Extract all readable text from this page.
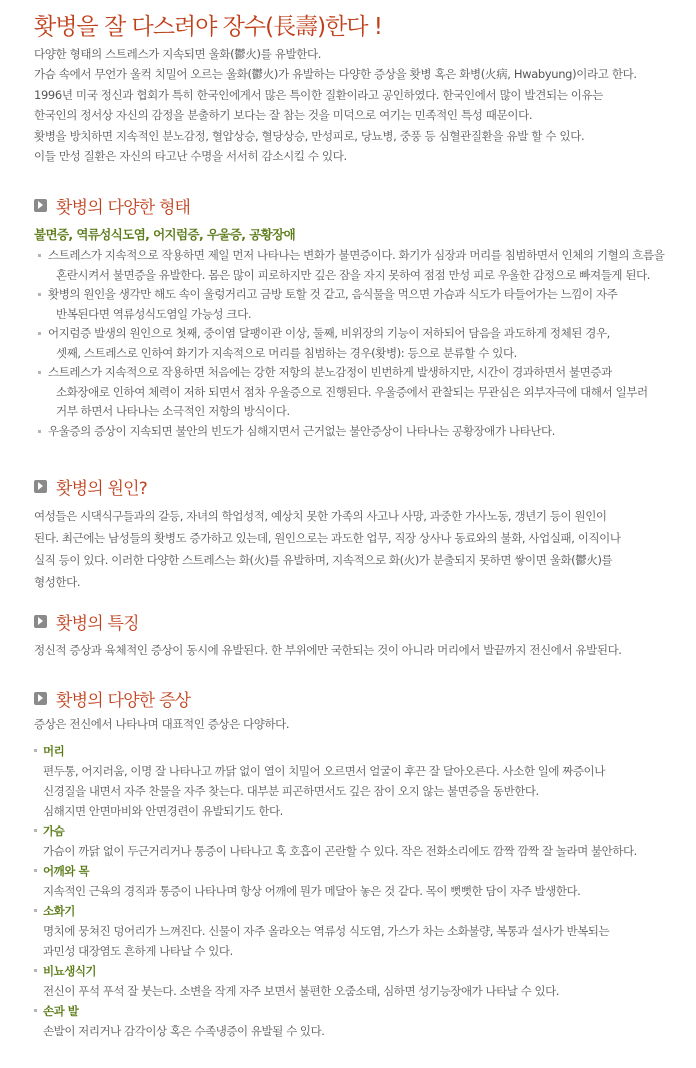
홧병을 잘 다스려야 장수(長壽)한다 !

다양한 형태의 스트레스가 지속되면 울화(鬱火)를 유발한다.

가슴 속에서 무언가 울컥 치밀어 오르는 울화(鬱火)가 유발하는 다양한 증상을 홧병 혹은 화병(火病, Hwabyung)이라고 한다.

1996년 미국 정신과 협회가 특히 한국인에게서 많은 특이한 질환이라고 공인하였다. 한국인에서 많이 발견되는 이유는

한국인의 정서상 자신의 감정을 분출하기 보다는 잘 참는 것을 미덕으로 여기는 민족적인 특성 때문이다.

홧병을 방치하면 지속적인 분노감정, 혈압상승, 혈당상승, 만성피로, 당뇨병, 중풍 등 심혈관질환을 유발 할 수 있다.

이들 만성 질환은 자신의 타고난 수명을 서서히 감소시킬 수 있다.

홧병의 다양한 형태
불면증, 역류성식도염, 어지럼증, 우울증, 공황장애
스트레스가 지속적으로 작용하면 제일 먼저 나타나는 변화가 불면증이다. 화기가 심장과 머리를 침범하면서 인체의 기혈의 흐름을
혼란시켜서 불면증을 유발한다. 몸은 많이 피로하지만 깊은 잠을 자지 못하여 점점 만성 피로 우울한 감정으로 빠져들게 된다.
홧병의 원인을 생각만 해도 속이 울렁거리고 금방 토할 것 같고, 음식물을 먹으면 가슴과 식도가 타들어가는 느낌이 자주
반복된다면 역류성식도염일 가능성 크다.
어지럼증 발생의 원인으로 첫째, 중이염 달팽이관 이상, 둘째, 비위장의 기능이 저하되어 담음을 과도하게 정체된 경우,
셋째, 스트레스로 인하여 화기가 지속적으로 머리를 침범하는 경우(홧병): 등으로 분류할 수 있다.
스트레스가 지속적으로 작용하면 처음에는 강한 저항의 분노감정이 빈번하게 발생하지만, 시간이 경과하면서 불면증과
소화장애로 인하여 체력이 저하 되면서 점차 우울증으로 진행된다. 우울증에서 관찰되는 무관심은 외부자극에 대해서 일부러
거부 하면서 나타나는 소극적인 저항의 방식이다.
우울증의 증상이 지속되면 불안의 빈도가 심해지면서 근거없는 불안증상이 나타나는 공황장애가 나타난다.
홧병의 원인?
여성들은 시댁식구들과의 갈등, 자녀의 학업성적, 예상치 못한 가족의 사고나 사망, 과중한 가사노동, 갱년기 등이 원인이
된다. 최근에는 남성들의 홧병도 증가하고 있는데, 원인으로는 과도한 업무, 직장 상사나 동료와의 불화, 사업실패, 이직이나
실직 등이 있다. 이러한 다양한 스트레스는 화(火)를 유발하며, 지속적으로 화(火)가 분출되지 못하면 쌓이면 울화(鬱火)를
형성한다.
홧병의 특징
정신적 증상과 육체적인 증상이 동시에 유발된다. 한 부위에만 국한되는 것이 아니라 머리에서 발끝까지 전신에서 유발된다.
홧병의 다양한 증상
증상은 전신에서 나타나며 대표적인 증상은 다양하다.
머리
편두통, 어지러움, 이명 잘 나타나고 까닭 없이 열이 치밀어 오르면서 얼굴이 후끈 잘 달아오른다. 사소한 일에 짜증이나
신경질을 내면서 자주 찬물을 자주 찾는다. 대부분 피곤하면서도 깊은 잠이 오지 않는 불면증을 동반한다.
심해지면 안면마비와 안면경련이 유발되기도 한다.
가슴
가슴이 까닭 없이 두근거리거나 통증이 나타나고 혹 호흡이 곤란할 수 있다. 작은 전화소리에도 깜짝 깜짝 잘 놀라며 불안하다.
어깨와 목
지속적인 근육의 경직과 통증이 나타나며 항상 어깨에 뭔가 메달아 놓은 것 같다. 목이 뻣뻣한 담이 자주 발생한다.
소화기
명치에 뭉쳐진 덩어리가 느껴진다. 신물이 자주 올라오는 역류성 식도염, 가스가 차는 소화불량, 복통과 설사가 반복되는
과민성 대장염도 흔하게 나타날 수 있다.
비뇨생식기
전신이 푸석 푸석 잘 붓는다. 소변을 작게 자주 보면서 불편한 오줌소태, 심하면 성기능장애가 나타날 수 있다.
손과 발
손발이 저리거나 감각이상 혹은 수족냉증이 유발될 수 있다.
